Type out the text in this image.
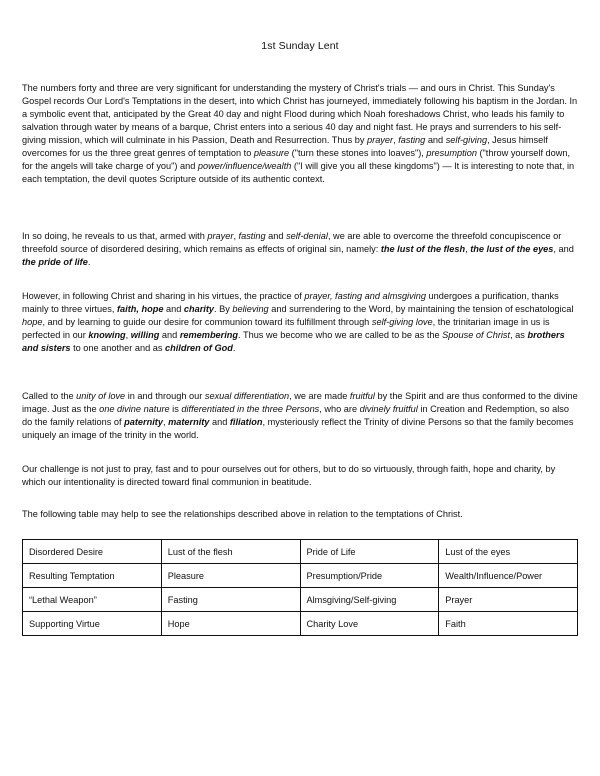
1st Sunday Lent

The numbers forty and three are very significant for understanding the mystery of Christ's trials — and ours in Christ. This Sunday's Gospel records Our Lord's Temptations in the desert, into which Christ has journeyed, immediately following his baptism in the Jordan. In a symbolic event that, anticipated by the Great 40 day and night Flood during which Noah foreshadows Christ, who leads his family to salvation through water by means of a barque, Christ enters into a serious 40 day and night fast. He prays and surrenders to his self-giving mission, which will culminate in his Passion, Death and Resurrection. Thus by prayer, fasting and self-giving, Jesus himself overcomes for us the three great genres of temptation to pleasure ("turn these stones into loaves"), presumption ("throw yourself down, for the angels will take charge of you") and power/influence/wealth ("I will give you all these kingdoms") — It is interesting to note that, in each temptation, the devil quotes Scripture outside of its authentic context.

In so doing, he reveals to us that, armed with prayer, fasting and self-denial, we are able to overcome the threefold concupiscence or threefold source of disordered desiring, which remains as effects of original sin, namely: the lust of the flesh, the lust of the eyes, and the pride of life.

However, in following Christ and sharing in his virtues, the practice of prayer, fasting and almsgiving undergoes a purification, thanks mainly to three virtues, faith, hope and charity. By believing and surrendering to the Word, by maintaining the tension of eschatological hope, and by learning to guide our desire for communion toward its fulfillment through self-giving love, the trinitarian image in us is perfected in our knowing, willing and remembering. Thus we become who we are called to be as the Spouse of Christ, as brothers and sisters to one another and as children of God.

Called to the unity of love in and through our sexual differentiation, we are made fruitful by the Spirit and are thus conformed to the divine image. Just as the one divine nature is differentiated in the three Persons, who are divinely fruitful in Creation and Redemption, so also do the family relations of paternity, maternity and filiation, mysteriously reflect the Trinity of divine Persons so that the family becomes uniquely an image of the trinity in the world.

Our challenge is not just to pray, fast and to pour ourselves out for others, but to do so virtuously, through faith, hope and charity, by which our intentionality is directed toward final communion in beatitude.

The following table may help to see the relationships described above in relation to the temptations of Christ.

Disordered Desire	Lust of the flesh	Pride of Life	Lust of the eyes
Resulting Temptation	Pleasure	Presumption/Pride	Wealth/Influence/Power
“Lethal Weapon”	Fasting	Almsgiving/Self-giving	Prayer
Supporting Virtue	Hope	Charity Love	Faith
